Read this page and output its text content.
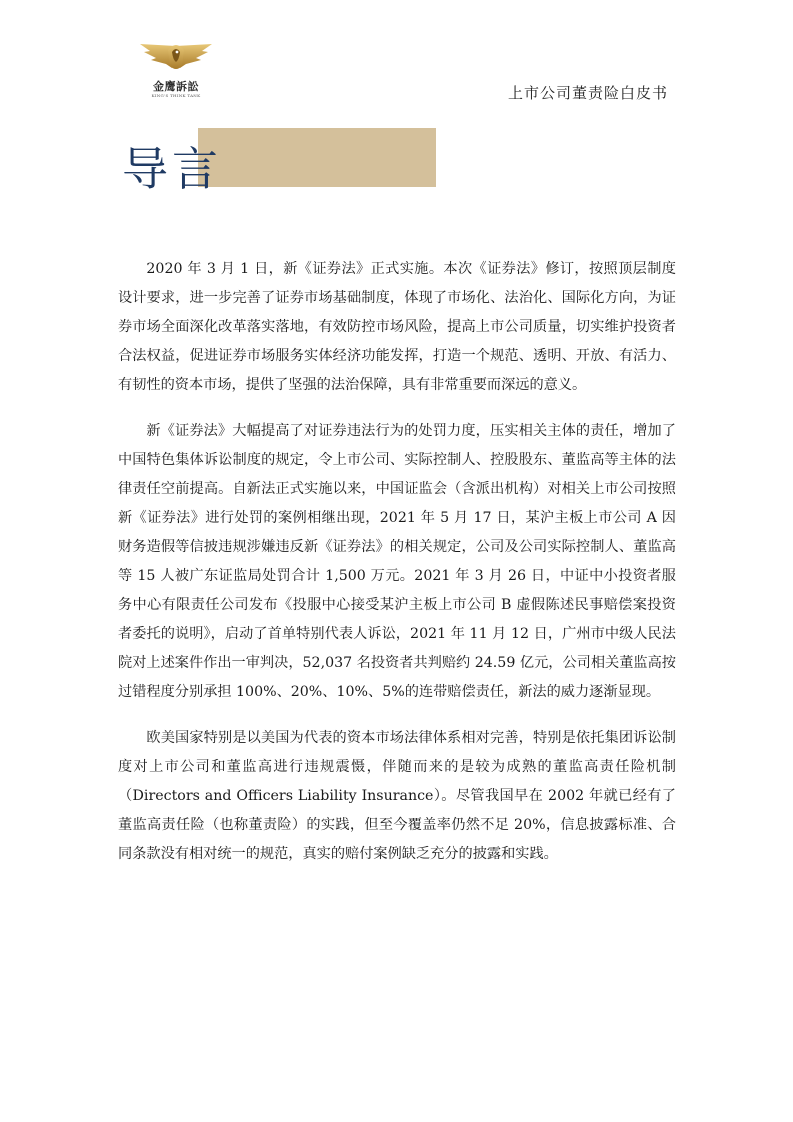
金鹰訴訟
KING'S THINK TANK	上市公司董责险白皮书
导言

2020 年 3 月 1 日，新《证券法》正式实施。本次《证券法》修订，按照顶层制度设计要求，进一步完善了证券市场基础制度，体现了市场化、法治化、国际化方向，为证券市场全面深化改革落实落地，有效防控市场风险，提高上市公司质量，切实维护投资者合法权益，促进证券市场服务实体经济功能发挥，打造一个规范、透明、开放、有活力、有韧性的资本市场，提供了坚强的法治保障，具有非常重要而深远的意义。

新《证券法》大幅提高了对证券违法行为的处罚力度，压实相关主体的责任，增加了中国特色集体诉讼制度的规定，令上市公司、实际控制人、控股股东、董监高等主体的法律责任空前提高。自新法正式实施以来，中国证监会（含派出机构）对相关上市公司按照新《证券法》进行处罚的案例相继出现，2021 年 5 月 17 日，某沪主板上市公司 A 因财务造假等信披违规涉嫌违反新《证券法》的相关规定，公司及公司实际控制人、董监高等 15 人被广东证监局处罚合计 1,500 万元。2021 年 3 月 26 日，中证中小投资者服务中心有限责任公司发布《投服中心接受某沪主板上市公司 B 虚假陈述民事赔偿案投资者委托的说明》，启动了首单特别代表人诉讼，2021 年 11 月 12 日，广州市中级人民法院对上述案件作出一审判决，52,037 名投资者共判赔约 24.59 亿元，公司相关董监高按过错程度分别承担 100%、20%、10%、5%的连带赔偿责任，新法的威力逐渐显现。

欧美国家特别是以美国为代表的资本市场法律体系相对完善，特别是依托集团诉讼制度对上市公司和董监高进行违规震慑，伴随而来的是较为成熟的董监高责任险机制（Directors and Officers Liability Insurance）。尽管我国早在 2002 年就已经有了董监高责任险（也称董责险）的实践，但至今覆盖率仍然不足 20%，信息披露标准、合同条款没有相对统一的规范，真实的赔付案例缺乏充分的披露和实践。
